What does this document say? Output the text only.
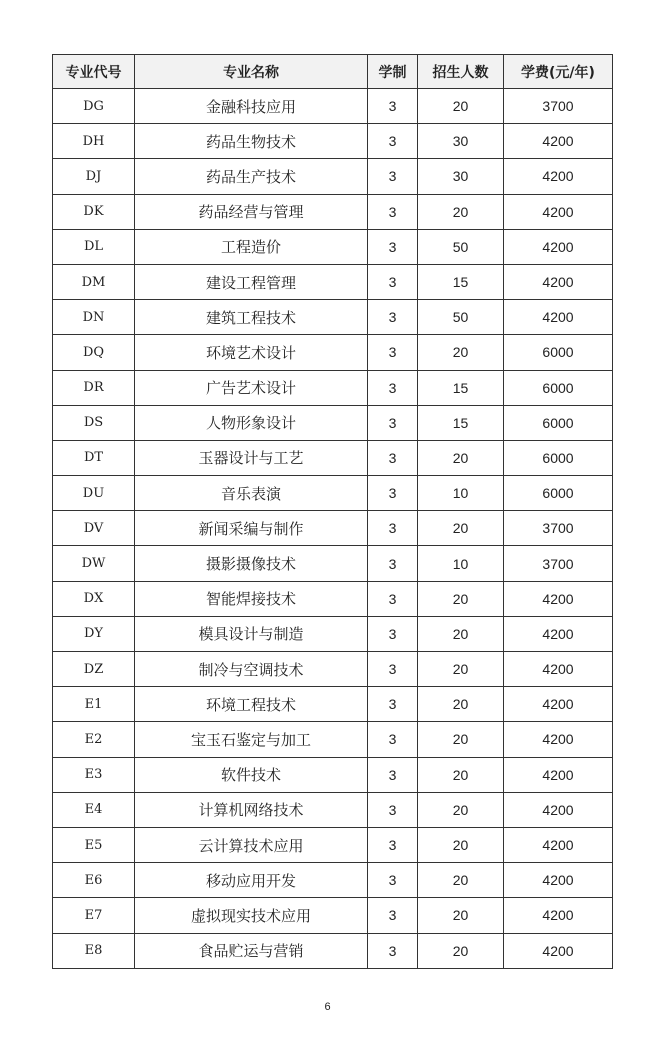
专业代号	专业名称	学制	招生人数	学费(元/年)
DG	金融科技应用	3	20	3700
DH	药品生物技术	3	30	4200
DJ	药品生产技术	3	30	4200
DK	药品经营与管理	3	20	4200
DL	工程造价	3	50	4200
DM	建设工程管理	3	15	4200
DN	建筑工程技术	3	50	4200
DQ	环境艺术设计	3	20	6000
DR	广告艺术设计	3	15	6000
DS	人物形象设计	3	15	6000
DT	玉器设计与工艺	3	20	6000
DU	音乐表演	3	10	6000
DV	新闻采编与制作	3	20	3700
DW	摄影摄像技术	3	10	3700
DX	智能焊接技术	3	20	4200
DY	模具设计与制造	3	20	4200
DZ	制冷与空调技术	3	20	4200
E1	环境工程技术	3	20	4200
E2	宝玉石鉴定与加工	3	20	4200
E3	软件技术	3	20	4200
E4	计算机网络技术	3	20	4200
E5	云计算技术应用	3	20	4200
E6	移动应用开发	3	20	4200
E7	虚拟现实技术应用	3	20	4200
E8	食品贮运与营销	3	20	4200
6
